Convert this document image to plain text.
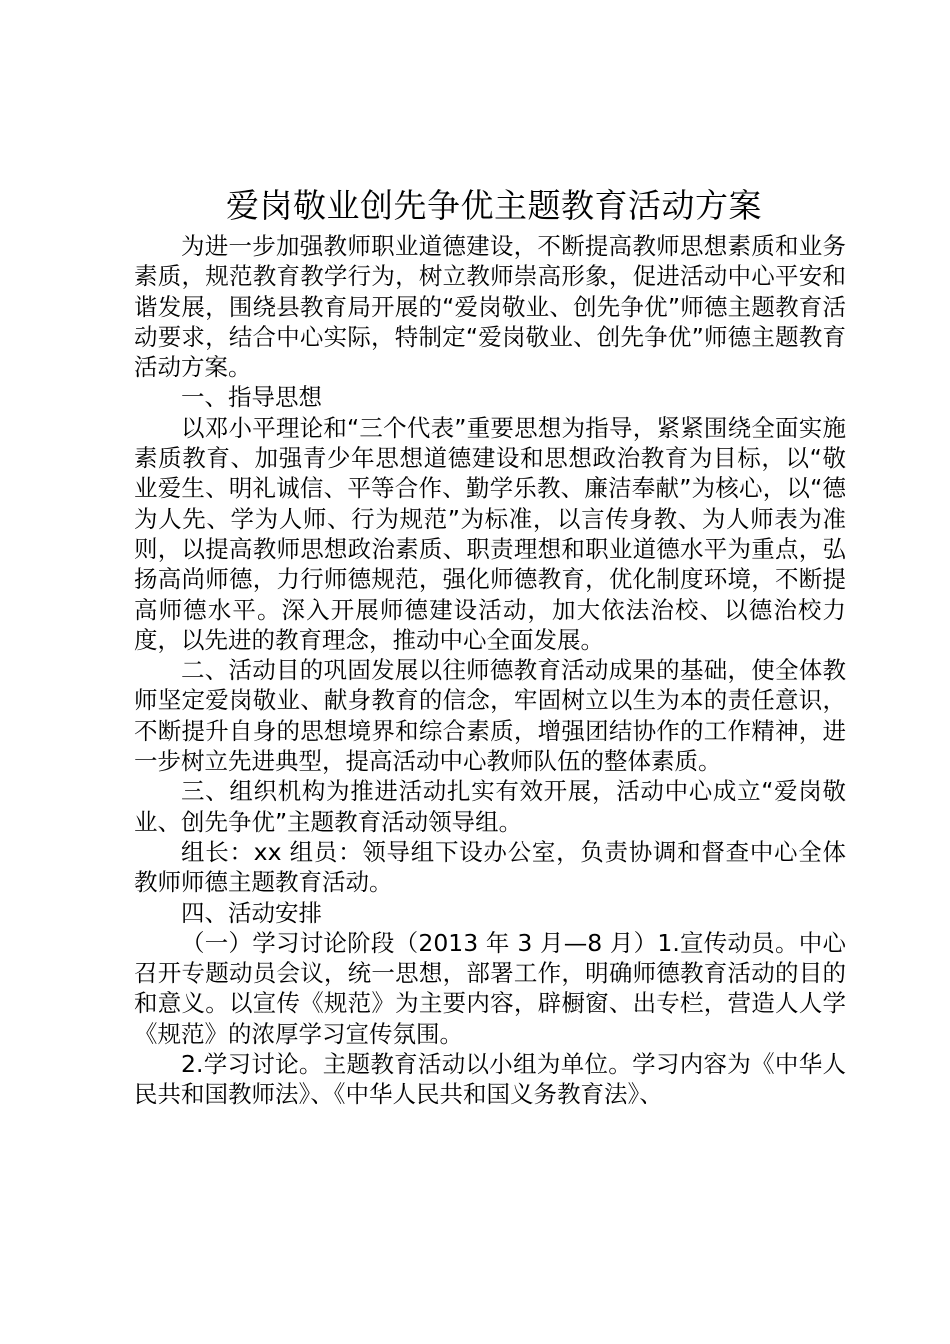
爱岗敬业创先争优主题教育活动方案

为进一步加强教师职业道德建设，不断提高教师思想素质和业务素质，规范教育教学行为，树立教师崇高形象，促进活动中心平安和谐发展，围绕县教育局开展的“爱岗敬业、创先争优”师德主题教育活动要求，结合中心实际，特制定“爱岗敬业、创先争优”师德主题教育活动方案。

一、指导思想

以邓小平理论和“三个代表”重要思想为指导，紧紧围绕全面实施素质教育、加强青少年思想道德建设和思想政治教育为目标，以“敬业爱生、明礼诚信、平等合作、勤学乐教、廉洁奉献”为核心，以“德为人先、学为人师、行为规范”为标准，以言传身教、为人师表为准则，以提高教师思想政治素质、职责理想和职业道德水平为重点，弘扬高尚师德，力行师德规范，强化师德教育，优化制度环境，不断提高师德水平。深入开展师德建设活动，加大依法治校、以德治校力度，以先进的教育理念，推动中心全面发展。

二、活动目的巩固发展以往师德教育活动成果的基础，使全体教师坚定爱岗敬业、献身教育的信念，牢固树立以生为本的责任意识，不断提升自身的思想境界和综合素质，增强团结协作的工作精神，进一步树立先进典型，提高活动中心教师队伍的整体素质。

三、组织机构为推进活动扎实有效开展，活动中心成立“爱岗敬业、创先争优”主题教育活动领导组。

组长：xx 组员：领导组下设办公室，负责协调和督查中心全体教师师德主题教育活动。

四、活动安排

（一）学习讨论阶段（2013 年 3 月—8 月）1.宣传动员。中心召开专题动员会议，统一思想，部署工作，明确师德教育活动的目的和意义。以宣传《规范》为主要内容，辟橱窗、出专栏，营造人人学《规范》的浓厚学习宣传氛围。

2.学习讨论。主题教育活动以小组为单位。学习内容为《中华人民共和国教师法》、《中华人民共和国义务教育法》、
